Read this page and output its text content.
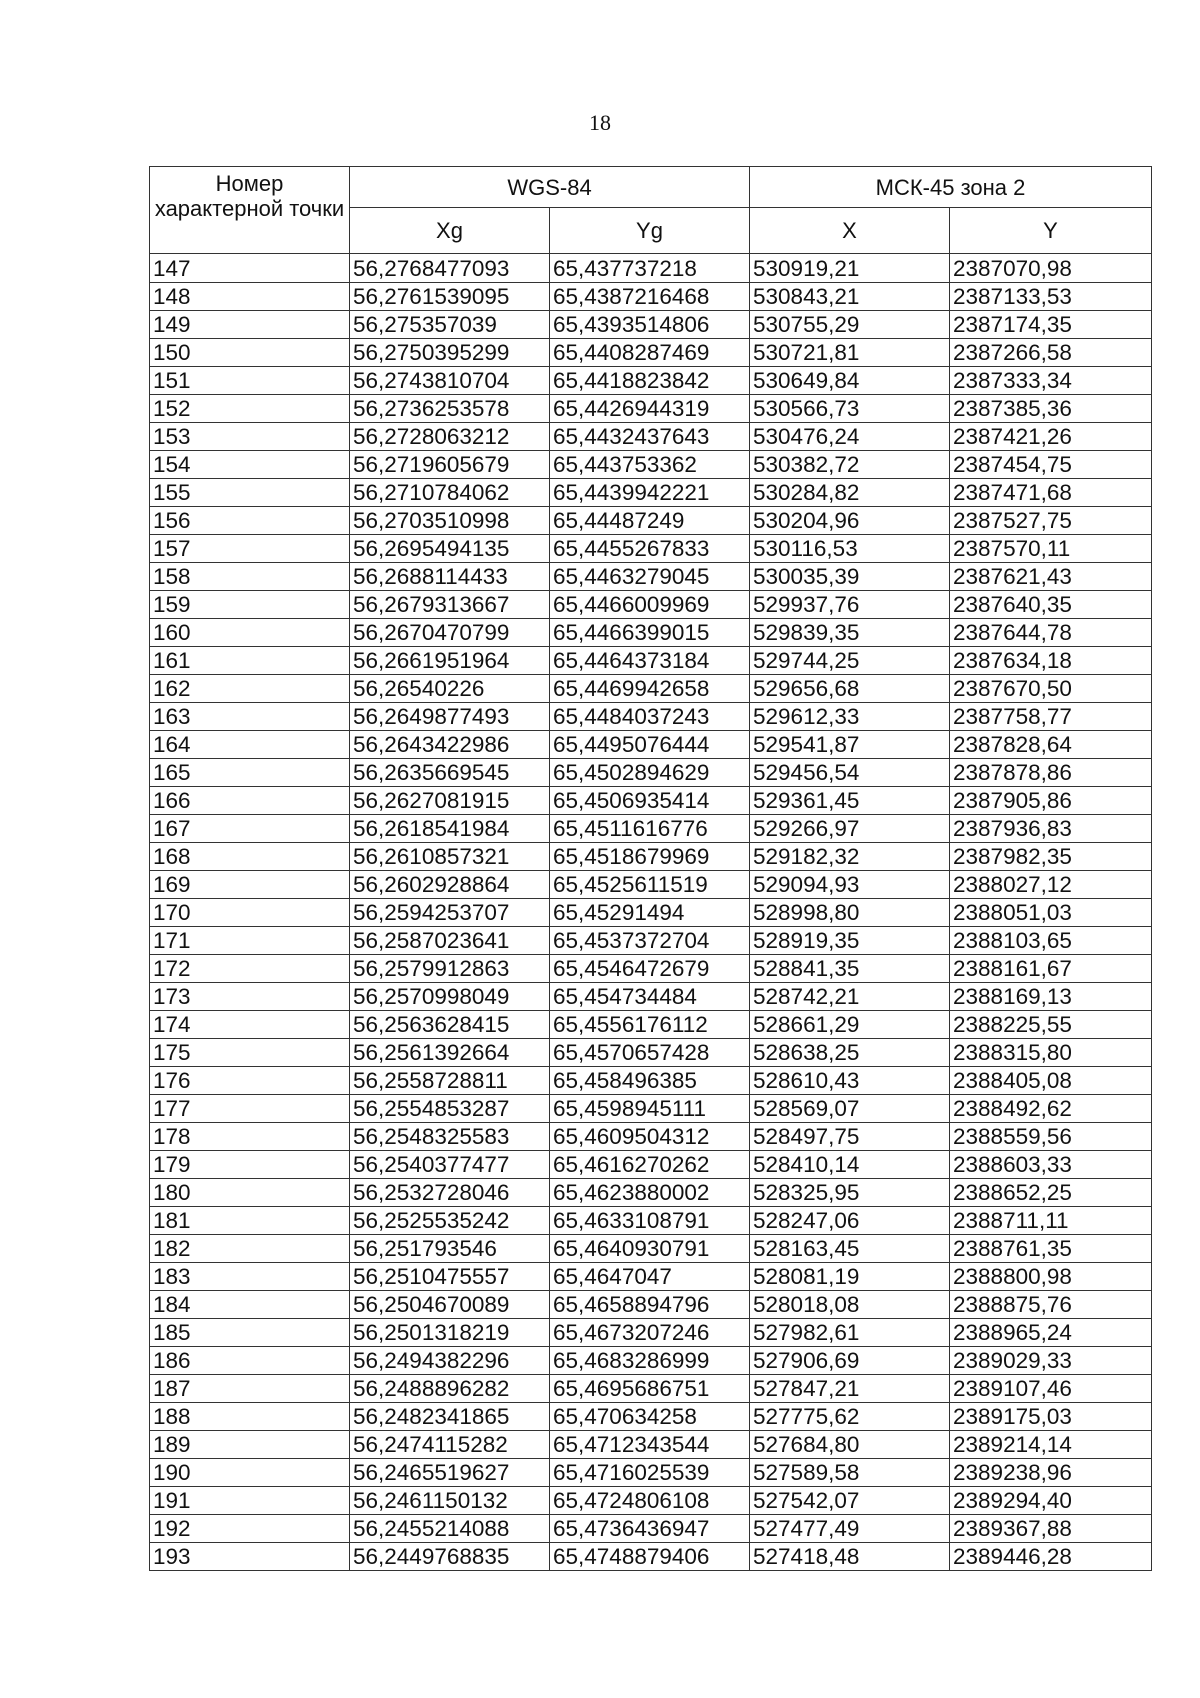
18
Номер характерной точки	WGS-84		МСК-45 зона 2	
	Xg	Yg	X	Y
147	56,2768477093	65,437737218	530919,21	2387070,98
148	56,2761539095	65,4387216468	530843,21	2387133,53
149	56,275357039	65,4393514806	530755,29	2387174,35
150	56,2750395299	65,4408287469	530721,81	2387266,58
151	56,2743810704	65,4418823842	530649,84	2387333,34
152	56,2736253578	65,4426944319	530566,73	2387385,36
153	56,2728063212	65,4432437643	530476,24	2387421,26
154	56,2719605679	65,443753362	530382,72	2387454,75
155	56,2710784062	65,4439942221	530284,82	2387471,68
156	56,2703510998	65,44487249	530204,96	2387527,75
157	56,2695494135	65,4455267833	530116,53	2387570,11
158	56,2688114433	65,4463279045	530035,39	2387621,43
159	56,2679313667	65,4466009969	529937,76	2387640,35
160	56,2670470799	65,4466399015	529839,35	2387644,78
161	56,2661951964	65,4464373184	529744,25	2387634,18
162	56,26540226	65,4469942658	529656,68	2387670,50
163	56,2649877493	65,4484037243	529612,33	2387758,77
164	56,2643422986	65,4495076444	529541,87	2387828,64
165	56,2635669545	65,4502894629	529456,54	2387878,86
166	56,2627081915	65,4506935414	529361,45	2387905,86
167	56,2618541984	65,4511616776	529266,97	2387936,83
168	56,2610857321	65,4518679969	529182,32	2387982,35
169	56,2602928864	65,4525611519	529094,93	2388027,12
170	56,2594253707	65,45291494	528998,80	2388051,03
171	56,2587023641	65,4537372704	528919,35	2388103,65
172	56,2579912863	65,4546472679	528841,35	2388161,67
173	56,2570998049	65,454734484	528742,21	2388169,13
174	56,2563628415	65,4556176112	528661,29	2388225,55
175	56,2561392664	65,4570657428	528638,25	2388315,80
176	56,2558728811	65,458496385	528610,43	2388405,08
177	56,2554853287	65,4598945111	528569,07	2388492,62
178	56,2548325583	65,4609504312	528497,75	2388559,56
179	56,2540377477	65,4616270262	528410,14	2388603,33
180	56,2532728046	65,4623880002	528325,95	2388652,25
181	56,2525535242	65,4633108791	528247,06	2388711,11
182	56,251793546	65,4640930791	528163,45	2388761,35
183	56,2510475557	65,4647047	528081,19	2388800,98
184	56,2504670089	65,4658894796	528018,08	2388875,76
185	56,2501318219	65,4673207246	527982,61	2388965,24
186	56,2494382296	65,4683286999	527906,69	2389029,33
187	56,2488896282	65,4695686751	527847,21	2389107,46
188	56,2482341865	65,470634258	527775,62	2389175,03
189	56,2474115282	65,4712343544	527684,80	2389214,14
190	56,2465519627	65,4716025539	527589,58	2389238,96
191	56,2461150132	65,4724806108	527542,07	2389294,40
192	56,2455214088	65,4736436947	527477,49	2389367,88
193	56,2449768835	65,4748879406	527418,48	2389446,28
